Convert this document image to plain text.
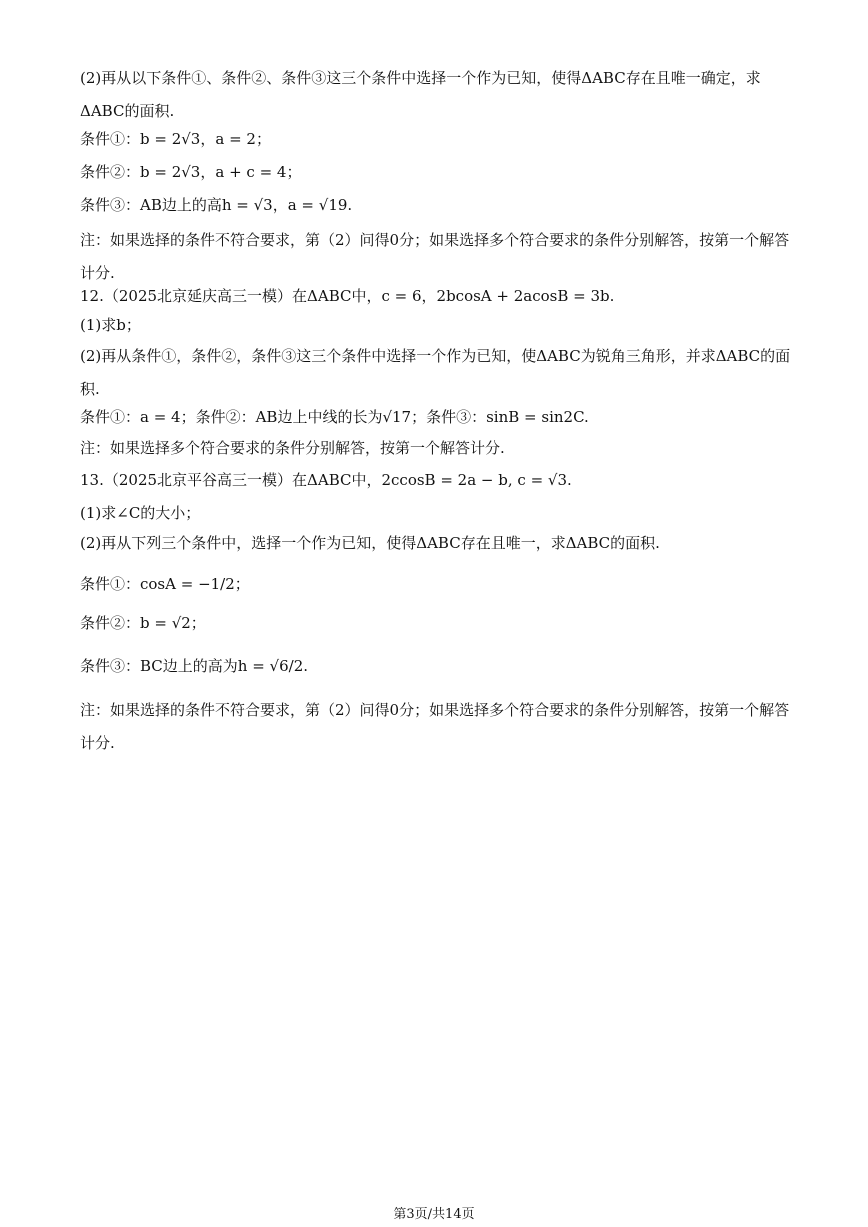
(2)再从以下条件①、条件②、条件③这三个条件中选择一个作为已知，使得ΔABC存在且唯一确定，求ΔABC的面积.
条件①：b = 2√3，a = 2；
条件②：b = 2√3，a + c = 4；
条件③：AB边上的高h = √3，a = √19.
注：如果选择的条件不符合要求，第（2）问得0分；如果选择多个符合要求的条件分别解答，按第一个解答计分.
12.（2025北京延庆高三一模）在ΔABC中，c = 6，2bcosA + 2acosB = 3b.
(1)求b；
(2)再从条件①，条件②，条件③这三个条件中选择一个作为已知，使ΔABC为锐角三角形，并求ΔABC的面积.
条件①：a = 4；条件②：AB边上中线的长为√17；条件③：sinB = sin2C.
注：如果选择多个符合要求的条件分别解答，按第一个解答计分.
13.（2025北京平谷高三一模）在ΔABC中，2ccosB = 2a − b, c = √3.
(1)求∠C的大小；
(2)再从下列三个条件中，选择一个作为已知，使得ΔABC存在且唯一，求ΔABC的面积.
条件①：cosA = −1/2；
条件②：b = √2；
条件③：BC边上的高为h = √6/2.
注：如果选择的条件不符合要求，第（2）问得0分；如果选择多个符合要求的条件分别解答，按第一个解答计分.
第3页/共14页
